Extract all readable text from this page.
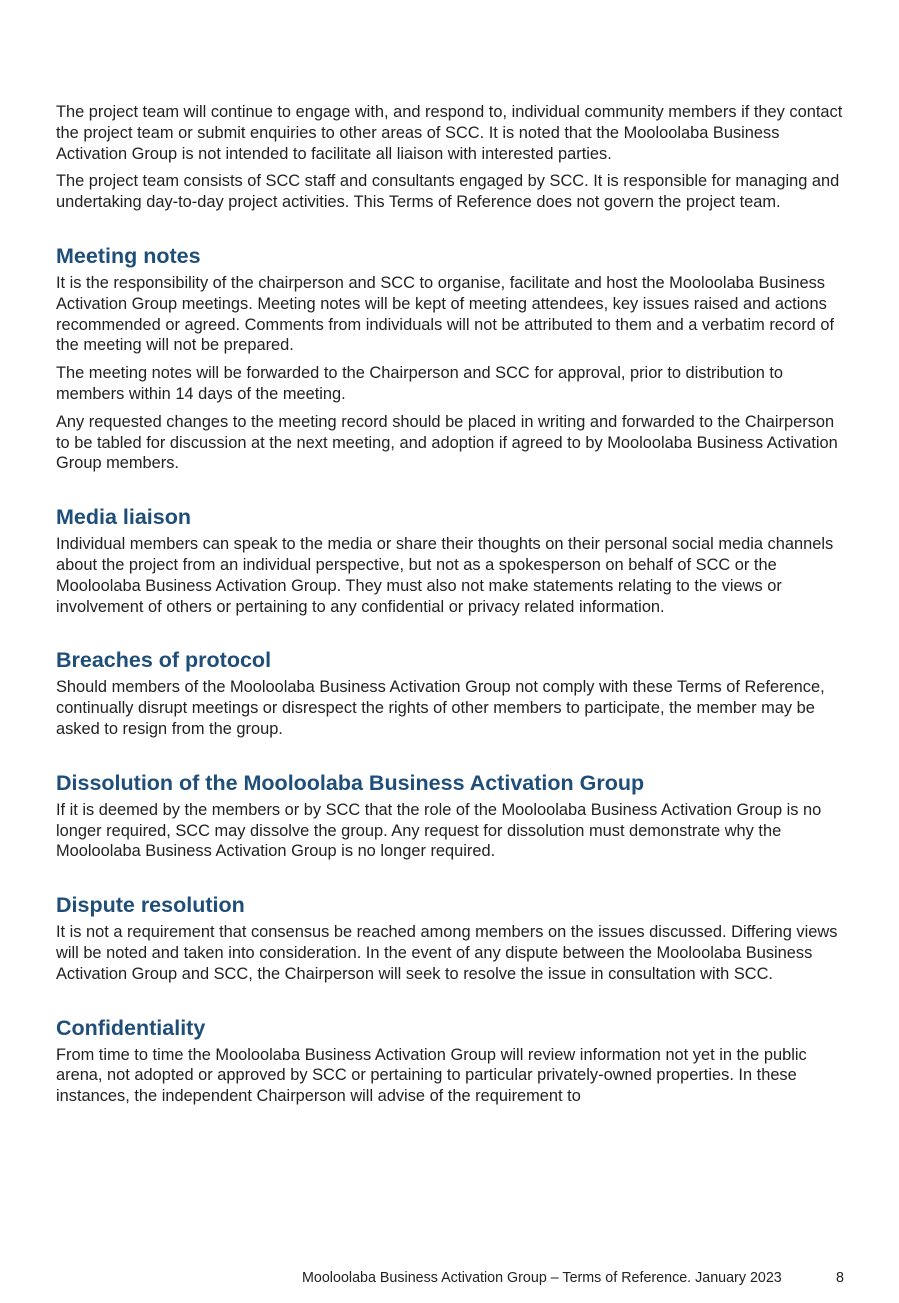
The project team will continue to engage with, and respond to, individual community members if they contact the project team or submit enquiries to other areas of SCC. It is noted that the Mooloolaba Business Activation Group is not intended to facilitate all liaison with interested parties.

The project team consists of SCC staff and consultants engaged by SCC. It is responsible for managing and undertaking day-to-day project activities. This Terms of Reference does not govern the project team.

Meeting notes

It is the responsibility of the chairperson and SCC to organise, facilitate and host the Mooloolaba Business Activation Group meetings. Meeting notes will be kept of meeting attendees, key issues raised and actions recommended or agreed. Comments from individuals will not be attributed to them and a verbatim record of the meeting will not be prepared.

The meeting notes will be forwarded to the Chairperson and SCC for approval, prior to distribution to members within 14 days of the meeting.

Any requested changes to the meeting record should be placed in writing and forwarded to the Chairperson to be tabled for discussion at the next meeting, and adoption if agreed to by Mooloolaba Business Activation Group members.

Media liaison

Individual members can speak to the media or share their thoughts on their personal social media channels about the project from an individual perspective, but not as a spokesperson on behalf of SCC or the Mooloolaba Business Activation Group. They must also not make statements relating to the views or involvement of others or pertaining to any confidential or privacy related information.

Breaches of protocol

Should members of the Mooloolaba Business Activation Group not comply with these Terms of Reference, continually disrupt meetings or disrespect the rights of other members to participate, the member may be asked to resign from the group.

Dissolution of the Mooloolaba Business Activation Group

If it is deemed by the members or by SCC that the role of the Mooloolaba Business Activation Group is no longer required, SCC may dissolve the group. Any request for dissolution must demonstrate why the Mooloolaba Business Activation Group is no longer required.

Dispute resolution

It is not a requirement that consensus be reached among members on the issues discussed. Differing views will be noted and taken into consideration. In the event of any dispute between the Mooloolaba Business Activation Group and SCC, the Chairperson will seek to resolve the issue in consultation with SCC.

Confidentiality

From time to time the Mooloolaba Business Activation Group will review information not yet in the public arena, not adopted or approved by SCC or pertaining to particular privately-owned properties. In these instances, the independent Chairperson will advise of the requirement to

Mooloolaba Business Activation Group – Terms of Reference. January 2023	8
